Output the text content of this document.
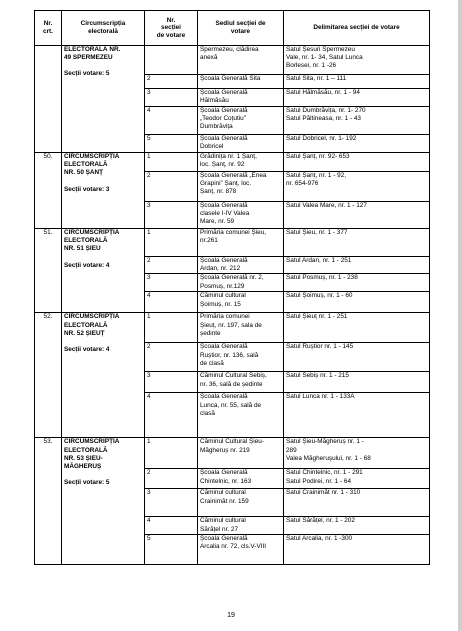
Nr.
crt.	Circumscripția
electorală	Nr.
secției
de votare	Sediul secției de
votare	Delimitarea secției de votare

	ELECTORALĂ NR.
49 SPERMEZEU
Secții votare: 5		Spermezeu, clădirea
anexă	Satul Șesuri Spermezeu
Vale, nr. 1- 34, Satul Lunca
Borlesei, nr. 1 -26
		2	Școala Generală Sita	Satul Sita, nr. 1 – 111
		3	Școala Generală
Hălmăsău	Satul Hălmăsău, nr. 1 - 94
		4	Școala Generală
„Teodor Coțutiu”
Dumbrăvița	Satul Dumbrăvița, nr. 1- 270
Satul Păltineasa, nr. 1 - 43
		5	Școala Generală
Dobricel	Satul Dobricel, nr. 1- 192
50.	CIRCUMSCRIPȚIA
ELECTORALĂ
NR. 50 ȘANȚ
Secții votare: 3	1	Grădinița nr. 1 Șanț,
loc. Șanț, nr. 92	Satul Șanț, nr. 92- 653
		2	Școala Generală „Enea
Grapini” Șanț, loc.
Șanț, nr. 878	Satul Șanț, nr. 1 - 92,
nr. 654-976
		3	Școala Generală
clasele I-IV Valea
Mare, nr. 59	Satul Valea Mare, nr. 1 - 127
51.	CIRCUMSCRIPȚIA
ELECTORALĂ
NR. 51 ȘIEU
Secții votare: 4	1	Primăria comunei Șieu,
nr.261	Satul Șieu, nr. 1 - 377
		2	Școala Generală
Ardan, nr. 212	Satul Ardan, nr. 1 - 251
		3	Școala Generală nr. 2,
Posmuș, nr.129	Satul Posmuș, nr. 1 - 238
		4	Căminul cultural
Șoimuș, nr. 15	Satul Șoimuș, nr. 1 - 60
52.	CIRCUMSCRIPȚIA
ELECTORALĂ
NR. 52 ȘIEUȚ
Secții votare: 4	1	Primăria comunei
Șieuț, nr. 197, sala de
ședinte	Satul Șieuț nr. 1 - 251
		2	Școala Generală
Ruștior, nr. 136, sală
de clasă	Satul Ruștior nr. 1 - 145
		3	Căminul Cultural Sebiș,
nr. 36, sală de ședinte	Satul Sebiș nr. 1 - 215
		4	Școala Generală
Lunca, nr. 55, sală de
clasă	Satul Lunca nr. 1 - 133A
53.	CIRCUMSCRIPȚIA
ELECTORALĂ
NR. 53 ȘIEU-
MĂGHERUȘ
Secții votare: 5	1	Căminul Cultural Șieu-
Măgheruș nr. 219	Satul Șieu-Măgheruș nr. 1 -
289
Valea Măgherușului, nr. 1 - 68
		2	Școala Generală
Chintelnic, nr. 163	Satul Chintelnic, nr. 1 - 291
Satul Podirei, nr. 1 - 64
		3	Căminul cultural
Crainimăt nr. 159	Satul Crainimăt nr. 1 - 310
		4	Căminul cultural
Sărățel nr. 27	Satul Sărățel, nr. 1 - 202
		5	Școala Generală
Arcalia nr. 72, cls.V-VIII	Satul Arcalia, nr. 1 -300
19
